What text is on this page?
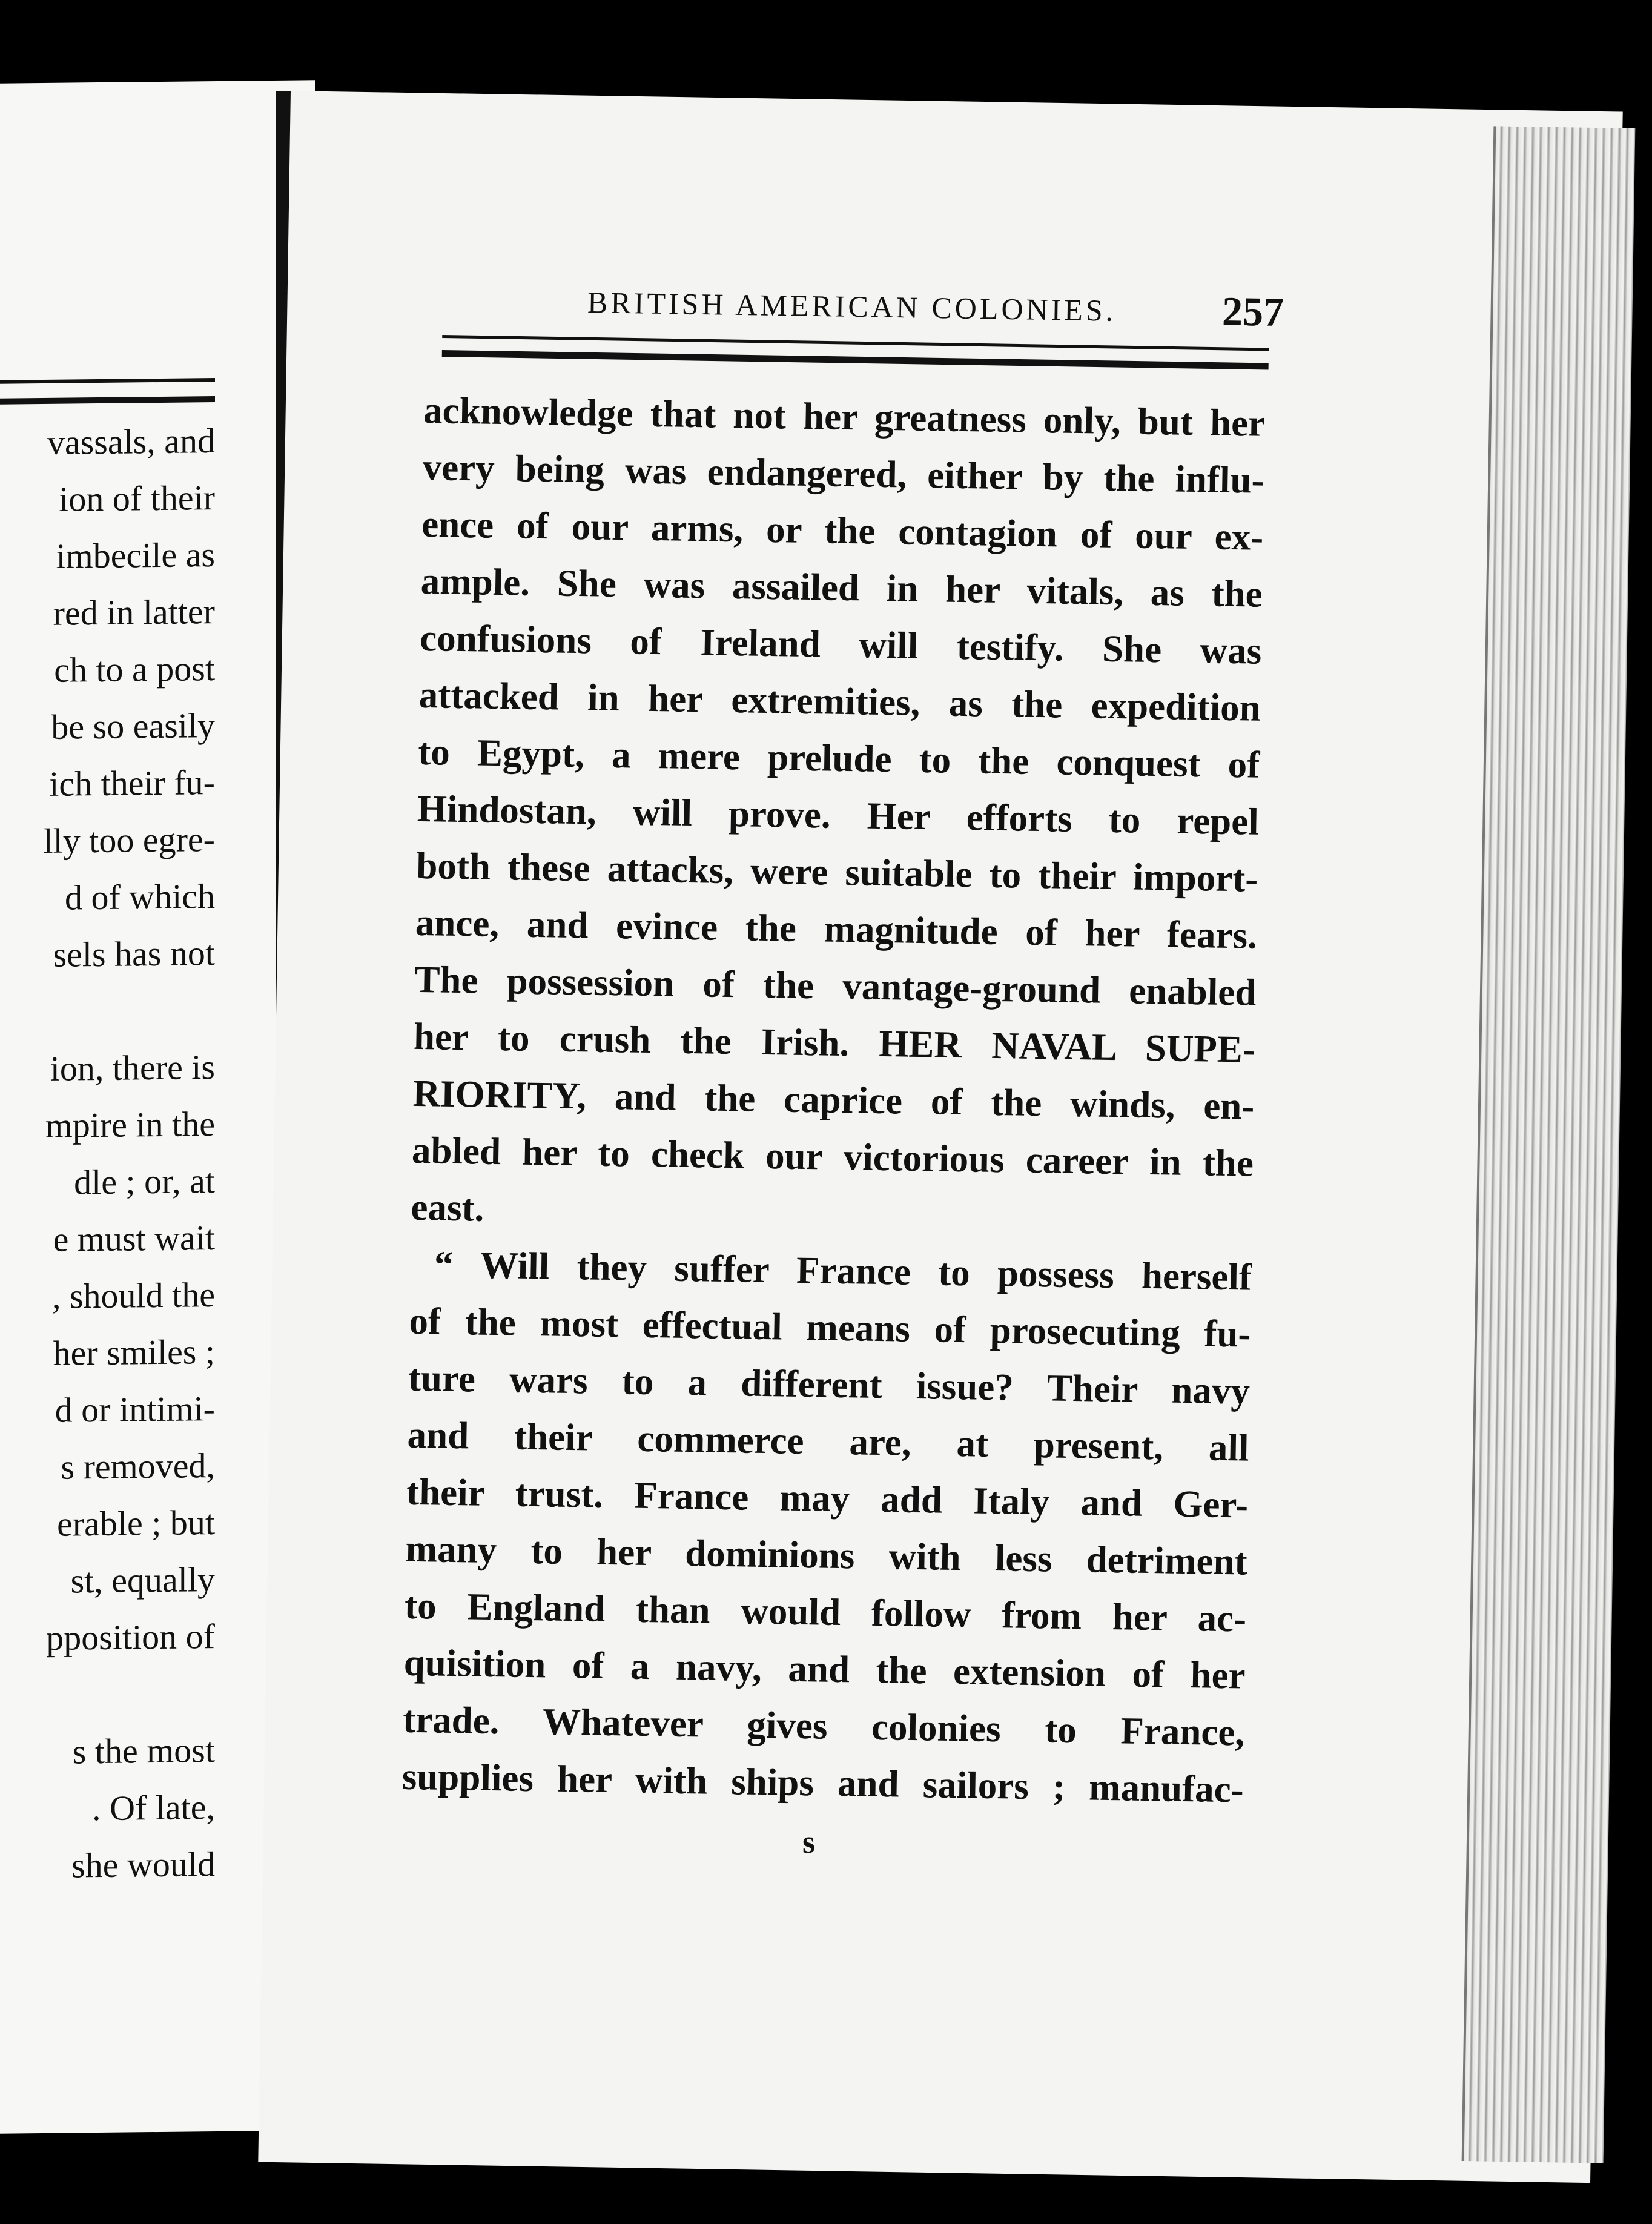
vassals, and
ion of their
imbecile as
red in latter
ch to a post
be so easily
ich their fu-
lly too egre-
d of which
sels has not
ion, there is
mpire in the
dle ; or, at
e must wait
, should the
her smiles ;
d or intimi-
s removed,
erable ; but
st, equally
pposition of
s the most
. Of late,
she would
BRITISH AMERICAN COLONIES.	257
acknowledge that not her greatness only, but her
very being was endangered, either by the influ-
ence of our arms, or the contagion of our ex-
ample. She was assailed in her vitals, as the
confusions of Ireland will testify. She was
attacked in her extremities, as the expedition
to Egypt, a mere prelude to the conquest of
Hindostan, will prove. Her efforts to repel
both these attacks, were suitable to their import-
ance, and evince the magnitude of her fears.
The possession of the vantage-ground enabled
her to crush the Irish. HER NAVAL SUPE-
RIORITY, and the caprice of the winds, en-
abled her to check our victorious career in the
east.
“ Will they suffer France to possess herself
of the most effectual means of prosecuting fu-
ture wars to a different issue? Their navy
and their commerce are, at present, all
their trust. France may add Italy and Ger-
many to her dominions with less detriment
to England than would follow from her ac-
quisition of a navy, and the extension of her
trade. Whatever gives colonies to France,
supplies her with ships and sailors ; manufac-
s
